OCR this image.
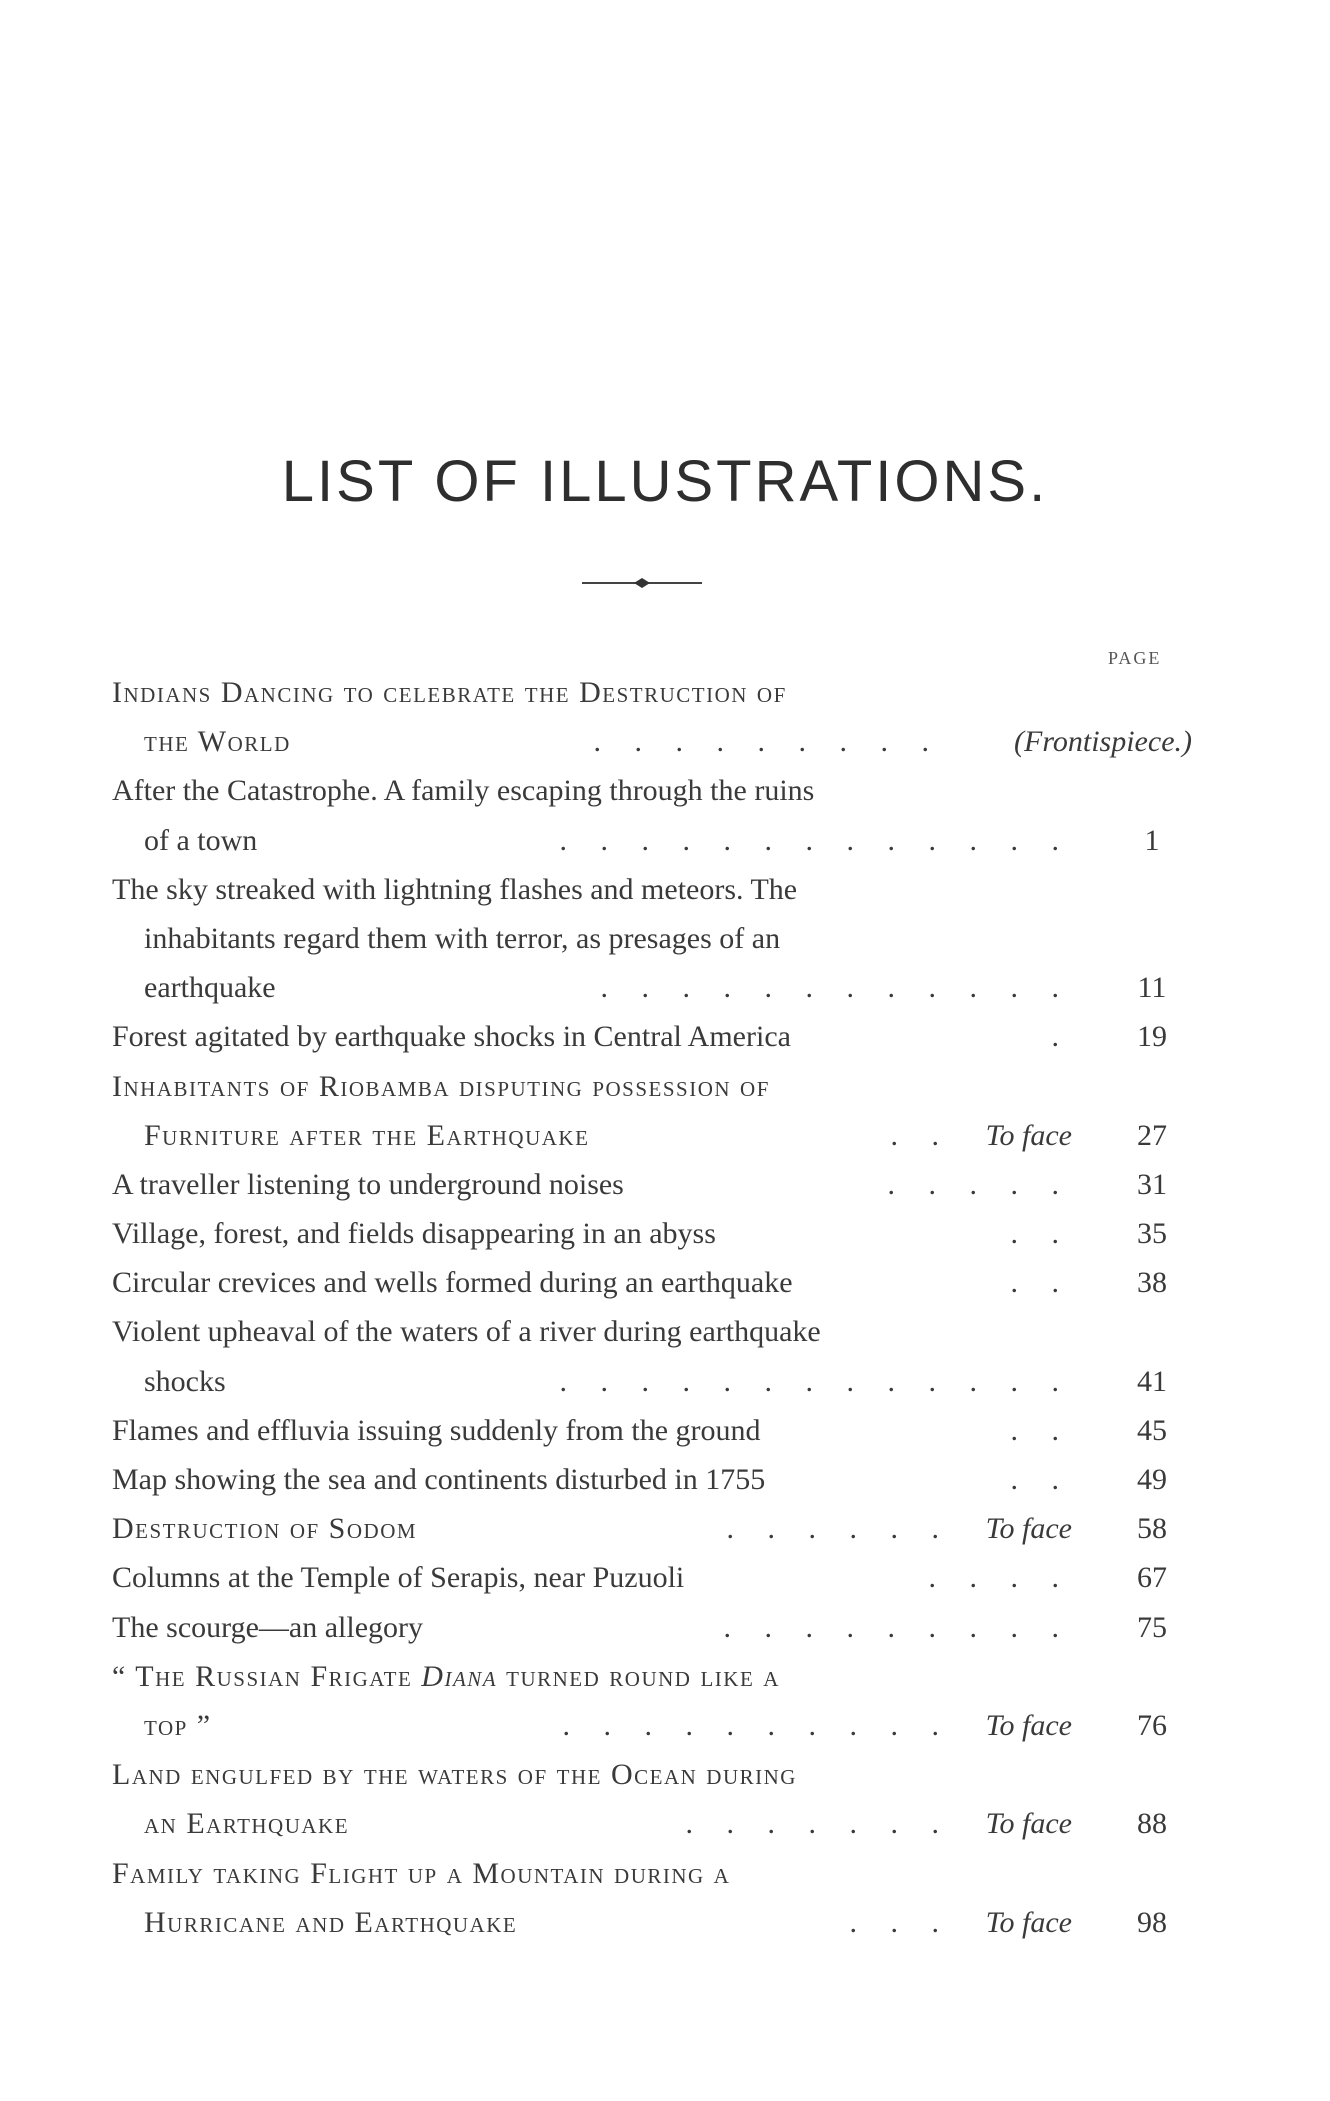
LIST OF ILLUSTRATIONS.
PAGE
Indians Dancing to celebrate the Destruction of
the World	. . . . . . . . . (Frontispiece.)
After the Catastrophe. A family escaping through the ruins
of a town	. . . . . . . . . . . . .	1
The sky streaked with lightning flashes and meteors. The
inhabitants regard them with terror, as presages of an
earthquake	. . . . . . . . . . . .	11
Forest agitated by earthquake shocks in Central America	.	19
Inhabitants of Riobamba disputing possession of
Furniture after the Earthquake	. . To face	27
A traveller listening to underground noises	. . . . .	31
Village, forest, and fields disappearing in an abyss	. .	35
Circular crevices and wells formed during an earthquake	. .	38
Violent upheaval of the waters of a river during earthquake
shocks	. . . . . . . . . . . . .	41
Flames and effluvia issuing suddenly from the ground	. .	45
Map showing the sea and continents disturbed in 1755	. .	49
Destruction of Sodom	. . . . . . To face	58
Columns at the Temple of Serapis, near Puzuoli	. . . .	67
The scourge—an allegory	. . . . . . . . .	75
“ The Russian Frigate Diana turned round like a
top ”	. . . . . . . . . . To face	76
Land engulfed by the waters of the Ocean during
an Earthquake	. . . . . . . To face	88
Family taking Flight up a Mountain during a
Hurricane and Earthquake	. . . To face	98
